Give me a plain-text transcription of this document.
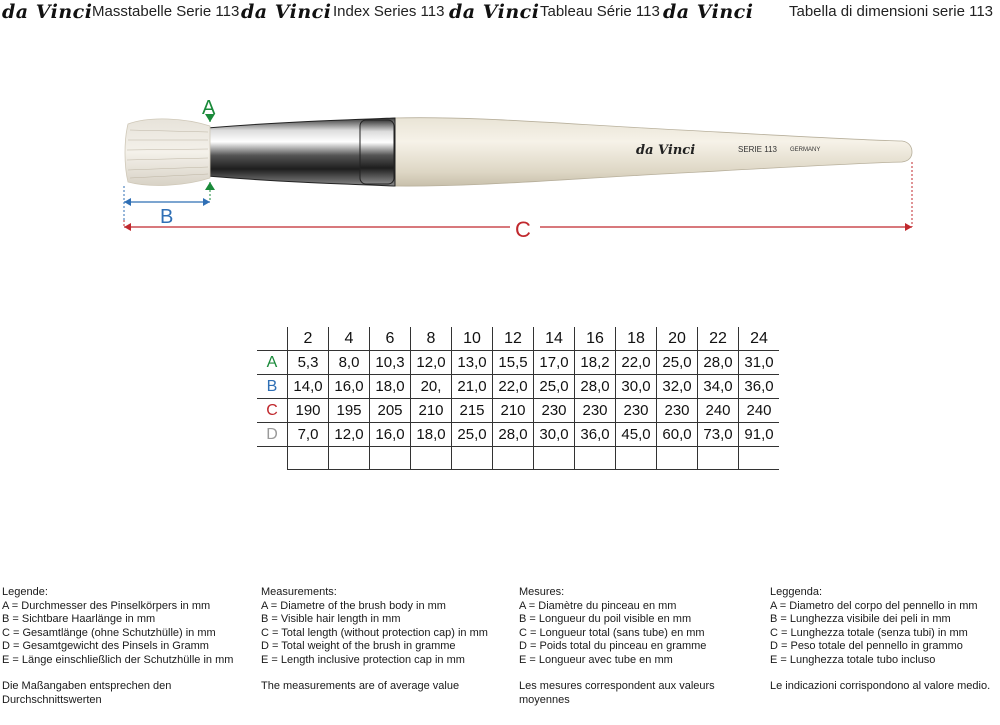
da Vinci Masstabelle Serie 113 da Vinci Index Series 113 da Vinci Tableau Série 113 da Vinci Tabella di dimensioni serie 113
da Vinci	SERIE 113 GERMANY
A
B	C
	2	4	6	8	10	12	14	16	18	20	22	24
A	5,3	8,0	10,3	12,0	13,0	15,5	17,0	18,2	22,0	25,0	28,0	31,0
B	14,0	16,0	18,0	20,	21,0	22,0	25,0	28,0	30,0	32,0	34,0	36,0
C	190	195	205	210	215	210	230	230	230	230	240	240
D	7,0	12,0	16,0	18,0	25,0	28,0	30,0	36,0	45,0	60,0	73,0	91,0

Legende:
A = Durchmesser des Pinselkörpers in mm
B = Sichtbare Haarlänge in mm
C = Gesamtlänge (ohne Schutzhülle) in mm
D = Gesamtgewicht des Pinsels in Gramm
E = Länge einschließlich der Schutzhülle in mm
Die Maßangaben entsprechen den Durchschnittswerten
Measurements:
A = Diametre of the brush body in mm
B = Visible hair length in mm
C = Total length (without protection cap) in mm
D = Total weight of the brush in gramme
E = Length inclusive protection cap in mm
The measurements are of average value
Mesures:
A = Diamètre du pinceau en mm
B = Longueur du poil visible en mm
C = Longueur total (sans tube) en mm
D = Poids total du pinceau en gramme
E = Longueur avec tube en mm
Les mesures correspondent aux valeurs moyennes
Leggenda:
A = Diametro del corpo del pennello in mm
B = Lunghezza visibile dei peli in mm
C = Lunghezza totale (senza tubi) in mm
D = Peso totale del pennello in grammo
E = Lunghezza totale tubo incluso
Le indicazioni corrispondono al valore medio.
